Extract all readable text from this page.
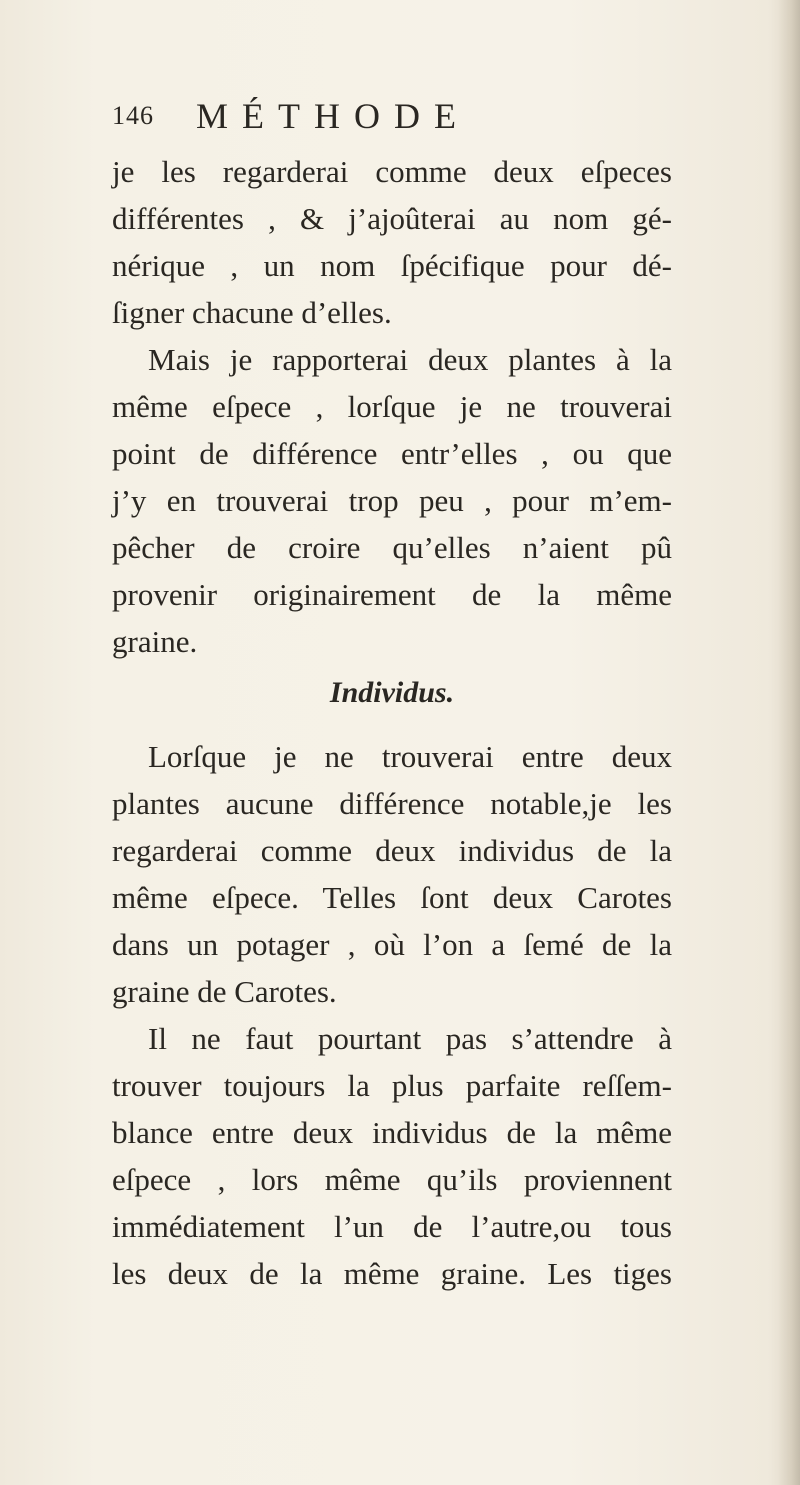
146 MÉTHODE
je les regarderai comme deux eſpeces
différentes , & j’ajoûterai au nom gé-
nérique , un nom ſpécifique pour dé-
ſigner chacune d’elles.
Mais je rapporterai deux plantes à la
même eſpece , lorſque je ne trouverai
point de différence entr’elles , ou que
j’y en trouverai trop peu , pour m’em-
pêcher de croire qu’elles n’aient pû
provenir originairement de la même
graine.
Individus.
Lorſque je ne trouverai entre deux
plantes aucune différence notable,je les
regarderai comme deux individus de la
même eſpece. Telles ſont deux Carotes
dans un potager , où l’on a ſemé de la
graine de Carotes.
Il ne faut pourtant pas s’attendre à
trouver toujours la plus parfaite reſſem-
blance entre deux individus de la même
eſpece , lors même qu’ils proviennent
immédiatement l’un de l’autre,ou tous
les deux de la même graine. Les tiges
